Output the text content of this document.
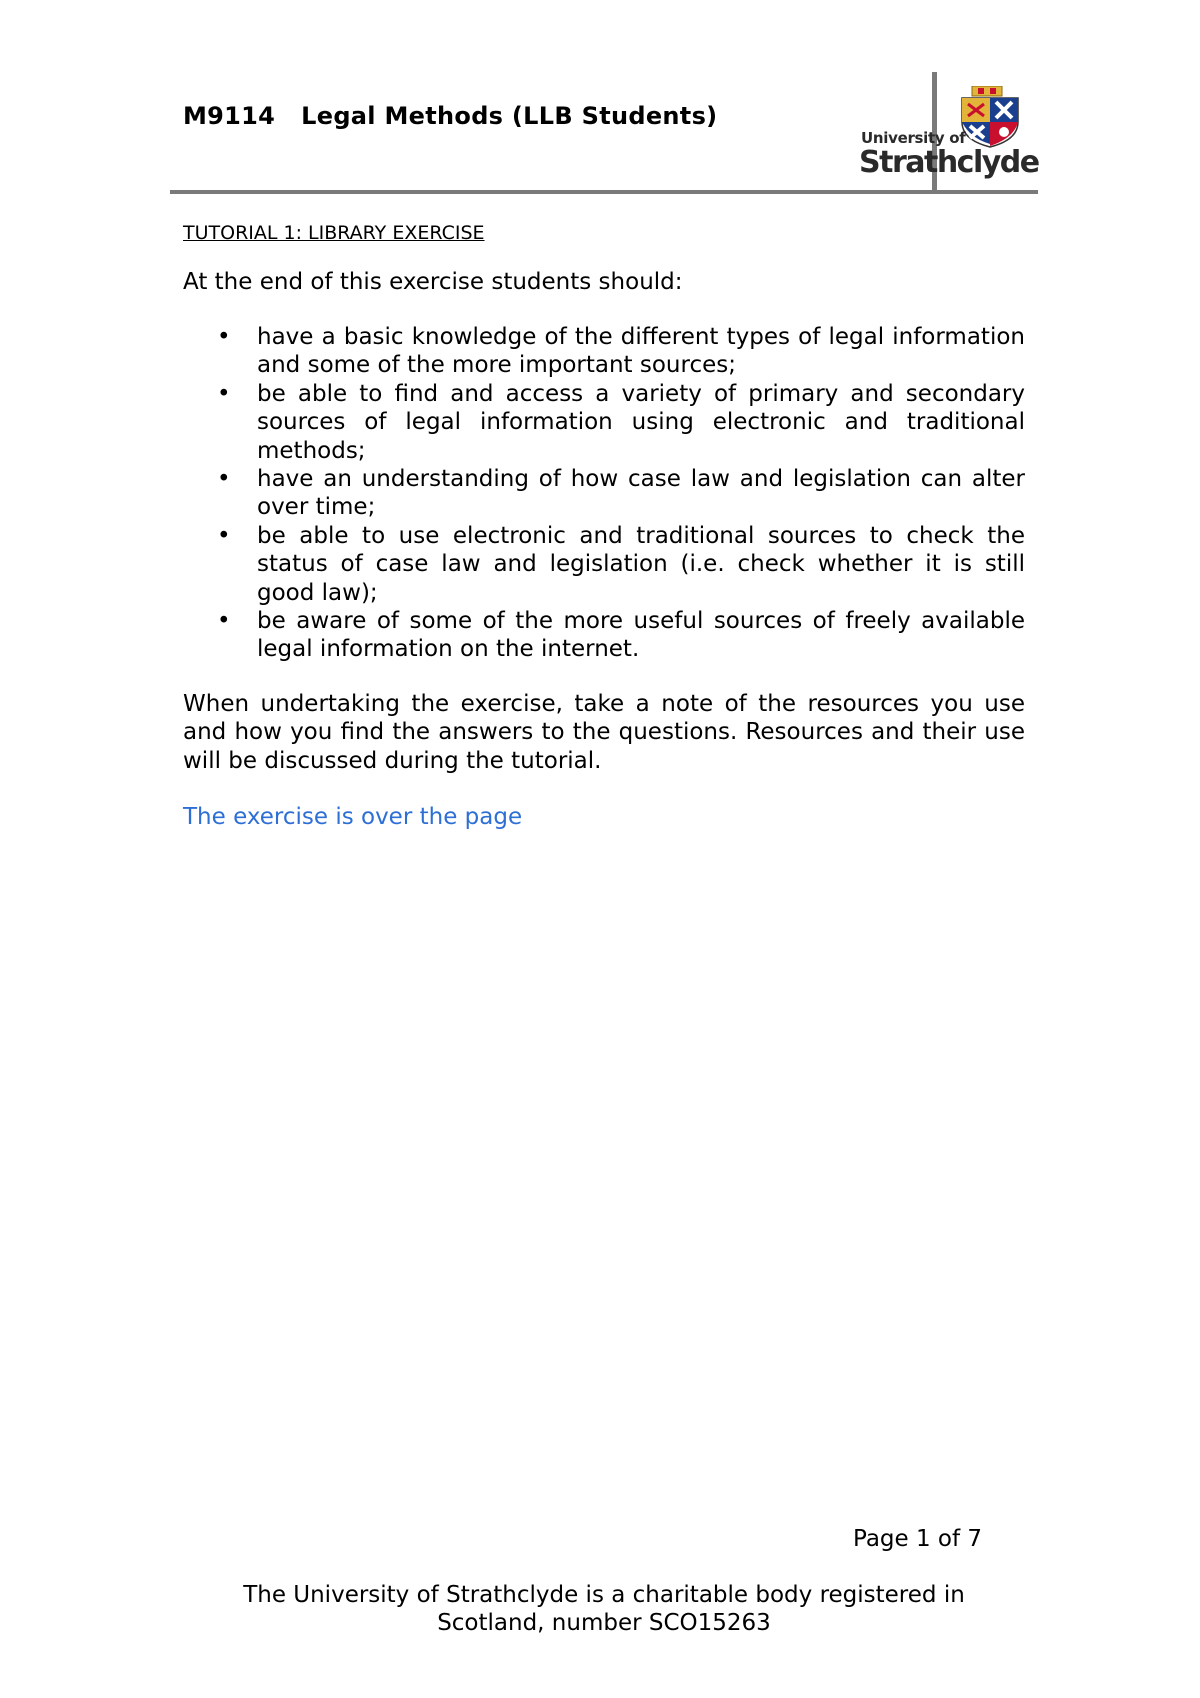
M9114 Legal Methods (LLB Students)
University of
Strathclyde
TUTORIAL 1: LIBRARY EXERCISE
At the end of this exercise students should:
• have a basic knowledge of the different types of legal information and some of the more important sources;
• be able to find and access a variety of primary and secondary sources of legal information using electronic and traditional methods;
• have an understanding of how case law and legislation can alter over time;
• be able to use electronic and traditional sources to check the status of case law and legislation (i.e. check whether it is still good law);
• be aware of some of the more useful sources of freely available legal information on the internet.

When undertaking the exercise, take a note of the resources you use and how you find the answers to the questions. Resources and their use will be discussed during the tutorial.

The exercise is over the page
Page 1 of 7
The University of Strathclyde is a charitable body registered in
Scotland, number SCO15263
